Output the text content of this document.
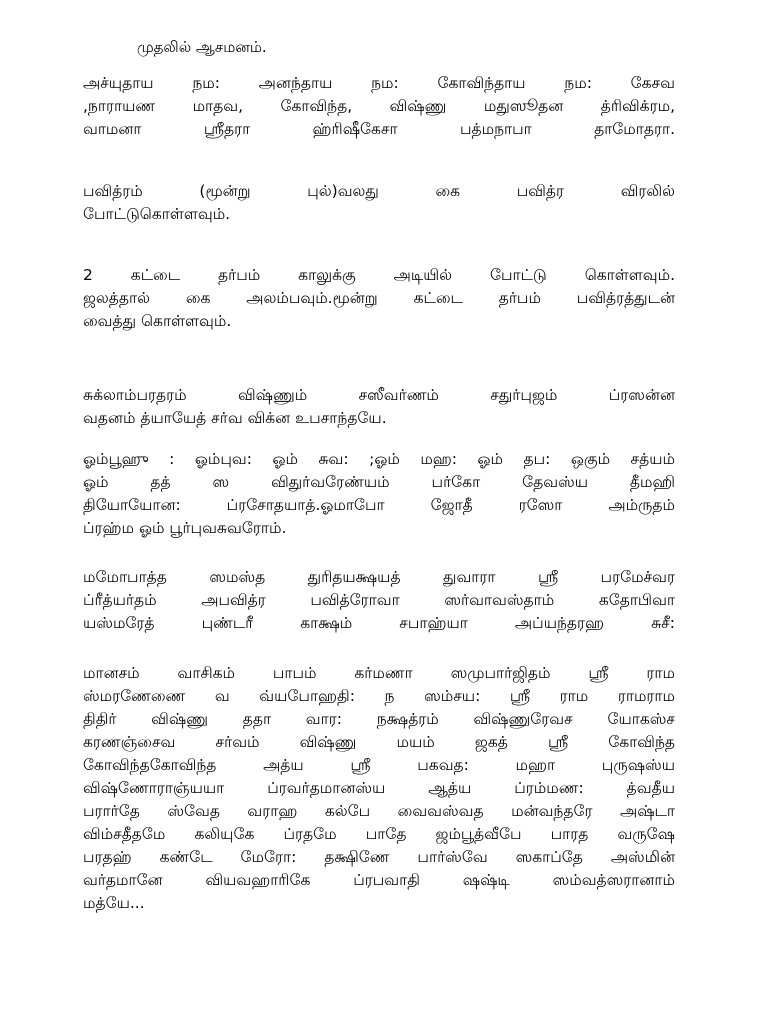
முதலில் ஆசமனம்.
அச்யுதாய நம: அனந்தாய நம: கோவிந்தாய நம: கேசவ
,நாராயண மாதவ, கோவிந்த, விஷ்ணு மதுஸூதன த்ரிவிக்ரம,
வாமனா ஸ்ரீதரா ஹ்ரிஷீகேசா பத்மநாபா தாமோதரா.
பவித்ரம் (மூன்று புல்)வலது கை பவித்ர விரலில்
போட்டுகொள்ளவும்.
2 கட்டை தர்பம் காலுக்கு அடியில் போட்டு கொள்ளவும்.
ஜலத்தால் கை அலம்பவும்.மூன்று கட்டை தர்பம் பவித்ரத்துடன்
வைத்து கொள்ளவும்.
சுக்லாம்பரதரம் விஷ்ணும் சஸீவர்ணம் சதுர்புஜம் ப்ரஸன்ன
வதனம் த்யாயேத் சர்வ விக்ன உபசாந்தயே.
ஓம்பூஹு : ஓம்புவ: ஓம் சுவ: ;ஓம் மஹ: ஓம் தப: ஒகும் சத்யம்
ஓம் தத் ஸ விதுர்வரேண்யம் பர்கோ தேவஸ்ய தீமஹி
தியோயோன: ப்ரசோதயாத்.ஓமாபோ ஜோதீ ரஸோ அம்ருதம்
ப்ரஹ்ம ஓம் பூர்புவசுவரோம்.
மமோபாத்த ஸமஸ்த துரிதயக்ஷயத் துவாரா ஸ்ரீ பரமேச்வர
ப்ரீத்யர்தம் அபவித்ர பவித்ரோவா ஸர்வாவஸ்தாம் கதோபிவா
யஸ்மரேத் புண்டரீ காக்ஷம் சபாஹ்யா அப்யந்தரஹ சுசீ:
மானசம் வாசிகம் பாபம் கர்மணா ஸமுபார்ஜிதம் ஸ்ரீ ராம
ஸ்மரணேணை வ வ்யபோஹதி: ந ஸம்சய: ஸ்ரீ ராம ராமராம
திதிர் விஷ்ணு ததா வார: நக்ஷத்ரம் விஷ்ணுரேவச யோகஸ்ச
கரணஞ்சைவ சர்வம் விஷ்ணு மயம் ஜகத் ஸ்ரீ கோவிந்த
கோவிந்தகோவிந்த அத்ய ஸ்ரீ பகவத: மஹா புருஷஸ்ய
விஷ்ணோராஞ்யயா ப்ரவர்தமானஸ்ய ஆத்ய ப்ரம்மண: த்வதீய
பரார்தே ஸ்வேத வராஹ கல்பே வைவஸ்வத மன்வந்தரே அஷ்டா
விம்சதீதமே கலியுகே ப்ரதமே பாதே ஜம்பூத்வீபே பாரத வருஷே
பரதஹ் கண்டே மேரோ: தக்ஷிணே பார்ஸ்வே ஸகாப்தே அஸ்மின்
வர்தமானே வியவஹாரிகே ப்ரபவாதி ஷஷ்டி ஸம்வத்ஸரானாம்
மத்யே...
